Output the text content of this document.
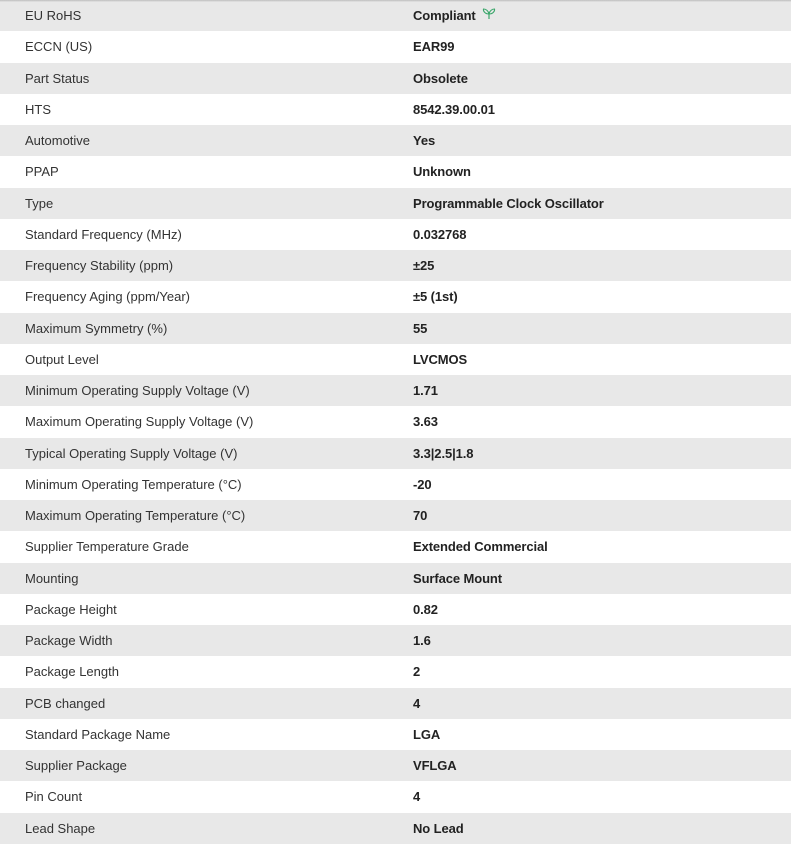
EU RoHS	Compliant
ECCN (US)	EAR99
Part Status	Obsolete
HTS	8542.39.00.01
Automotive	Yes
PPAP	Unknown
Type	Programmable Clock Oscillator
Standard Frequency (MHz)	0.032768
Frequency Stability (ppm)	±25
Frequency Aging (ppm/Year)	±5 (1st)
Maximum Symmetry (%)	55
Output Level	LVCMOS
Minimum Operating Supply Voltage (V)	1.71
Maximum Operating Supply Voltage (V)	3.63
Typical Operating Supply Voltage (V)	3.3|2.5|1.8
Minimum Operating Temperature (°C)	-20
Maximum Operating Temperature (°C)	70
Supplier Temperature Grade	Extended Commercial
Mounting	Surface Mount
Package Height	0.82
Package Width	1.6
Package Length	2
PCB changed	4
Standard Package Name	LGA
Supplier Package	VFLGA
Pin Count	4
Lead Shape	No Lead
